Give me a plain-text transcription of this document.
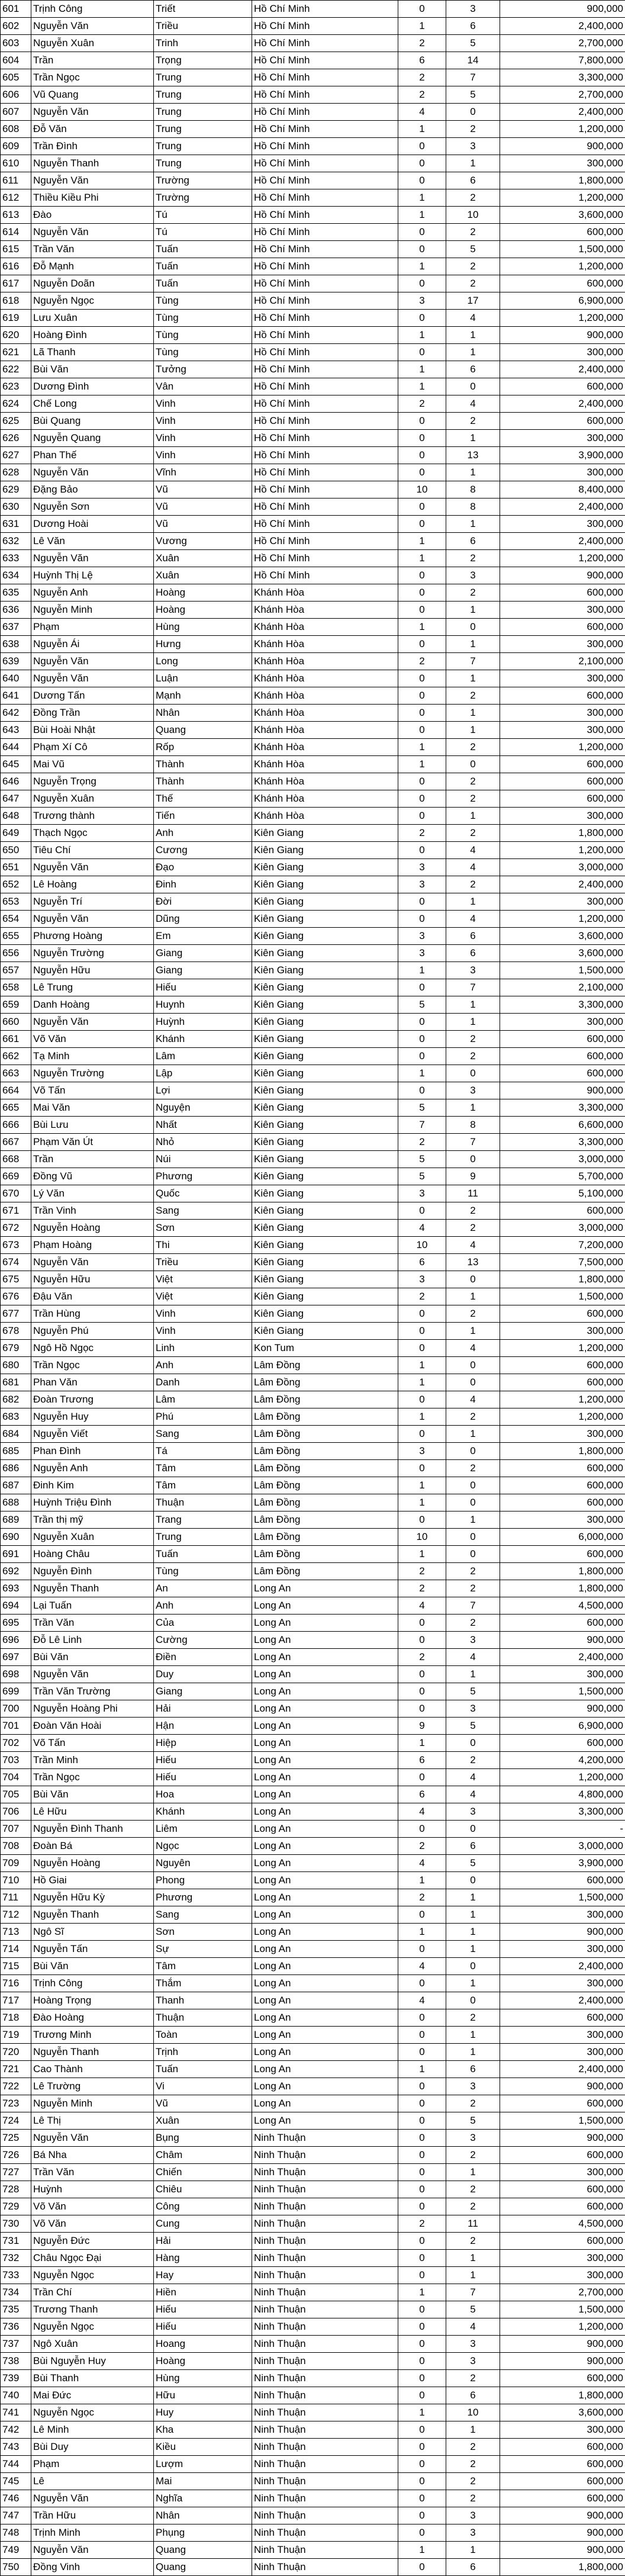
601	Trịnh Công	Triết	Hồ Chí Minh	0	3	900,000
602	Nguyễn Văn	Triều	Hồ Chí Minh	1	6	2,400,000
603	Nguyễn Xuân	Trinh	Hồ Chí Minh	2	5	2,700,000
604	Trần	Trọng	Hồ Chí Minh	6	14	7,800,000
605	Trần Ngọc	Trung	Hồ Chí Minh	2	7	3,300,000
606	Vũ Quang	Trung	Hồ Chí Minh	2	5	2,700,000
607	Nguyễn Văn	Trung	Hồ Chí Minh	4	0	2,400,000
608	Đỗ Văn	Trung	Hồ Chí Minh	1	2	1,200,000
609	Trần Đình	Trung	Hồ Chí Minh	0	3	900,000
610	Nguyễn Thanh	Trung	Hồ Chí Minh	0	1	300,000
611	Nguyễn Văn	Trường	Hồ Chí Minh	0	6	1,800,000
612	Thiều Kiều Phi	Trường	Hồ Chí Minh	1	2	1,200,000
613	Đào	Tú	Hồ Chí Minh	1	10	3,600,000
614	Nguyễn Văn	Tú	Hồ Chí Minh	0	2	600,000
615	Trần Văn	Tuấn	Hồ Chí Minh	0	5	1,500,000
616	Đỗ Mạnh	Tuấn	Hồ Chí Minh	1	2	1,200,000
617	Nguyễn Doãn	Tuấn	Hồ Chí Minh	0	2	600,000
618	Nguyễn Ngọc	Tùng	Hồ Chí Minh	3	17	6,900,000
619	Lưu Xuân	Tùng	Hồ Chí Minh	0	4	1,200,000
620	Hoàng Đình	Tùng	Hồ Chí Minh	1	1	900,000
621	Lã Thanh	Tùng	Hồ Chí Minh	0	1	300,000
622	Bùi Văn	Tưởng	Hồ Chí Minh	1	6	2,400,000
623	Dương Đình	Vân	Hồ Chí Minh	1	0	600,000
624	Chế Long	Vinh	Hồ Chí Minh	2	4	2,400,000
625	Bùi Quang	Vinh	Hồ Chí Minh	0	2	600,000
626	Nguyễn Quang	Vinh	Hồ Chí Minh	0	1	300,000
627	Phan Thế	Vinh	Hồ Chí Minh	0	13	3,900,000
628	Nguyễn Văn	Vĩnh	Hồ Chí Minh	0	1	300,000
629	Đặng Bảo	Vũ	Hồ Chí Minh	10	8	8,400,000
630	Nguyễn Sơn	Vũ	Hồ Chí Minh	0	8	2,400,000
631	Dương Hoài	Vũ	Hồ Chí Minh	0	1	300,000
632	Lê Văn	Vương	Hồ Chí Minh	1	6	2,400,000
633	Nguyễn Văn	Xuân	Hồ Chí Minh	1	2	1,200,000
634	Huỳnh Thị Lệ	Xuân	Hồ Chí Minh	0	3	900,000
635	Nguyễn Anh	Hoàng	Khánh Hòa	0	2	600,000
636	Nguyễn Minh	Hoàng	Khánh Hòa	0	1	300,000
637	Phạm	Hùng	Khánh Hòa	1	0	600,000
638	Nguyễn Ái	Hưng	Khánh Hòa	0	1	300,000
639	Nguyễn Văn	Long	Khánh Hòa	2	7	2,100,000
640	Nguyễn Văn	Luận	Khánh Hòa	0	1	300,000
641	Dương Tấn	Mạnh	Khánh Hòa	0	2	600,000
642	Đồng Trần	Nhân	Khánh Hòa	0	1	300,000
643	Bùi Hoài Nhật	Quang	Khánh Hòa	0	1	300,000
644	Phạm Xí Cô	Rốp	Khánh Hòa	1	2	1,200,000
645	Mai Vũ	Thành	Khánh Hòa	1	0	600,000
646	Nguyễn Trọng	Thành	Khánh Hòa	0	2	600,000
647	Nguyễn Xuân	Thế	Khánh Hòa	0	2	600,000
648	Trương thành	Tiến	Khánh Hòa	0	1	300,000
649	Thạch Ngọc	Anh	Kiên Giang	2	2	1,800,000
650	Tiêu Chí	Cương	Kiên Giang	0	4	1,200,000
651	Nguyễn Văn	Đạo	Kiên Giang	3	4	3,000,000
652	Lê Hoàng	Đinh	Kiên Giang	3	2	2,400,000
653	Nguyễn Trí	Đời	Kiên Giang	0	1	300,000
654	Nguyễn Văn	Dũng	Kiên Giang	0	4	1,200,000
655	Phương Hoàng	Em	Kiên Giang	3	6	3,600,000
656	Nguyễn Trường	Giang	Kiên Giang	3	6	3,600,000
657	Nguyễn Hữu	Giang	Kiên Giang	1	3	1,500,000
658	Lê Trung	Hiếu	Kiên Giang	0	7	2,100,000
659	Danh Hoàng	Huynh	Kiên Giang	5	1	3,300,000
660	Nguyễn Văn	Huỳnh	Kiên Giang	0	1	300,000
661	Võ Văn	Khánh	Kiên Giang	0	2	600,000
662	Tạ Minh	Lâm	Kiên Giang	0	2	600,000
663	Nguyễn Trường	Lập	Kiên Giang	1	0	600,000
664	Võ Tấn	Lợi	Kiên Giang	0	3	900,000
665	Mai Văn	Nguyện	Kiên Giang	5	1	3,300,000
666	Bùi Lưu	Nhất	Kiên Giang	7	8	6,600,000
667	Phạm Văn Út	Nhỏ	Kiên Giang	2	7	3,300,000
668	Trần	Núi	Kiên Giang	5	0	3,000,000
669	Đồng Vũ	Phương	Kiên Giang	5	9	5,700,000
670	Lý Văn	Quốc	Kiên Giang	3	11	5,100,000
671	Trần Vinh	Sang	Kiên Giang	0	2	600,000
672	Nguyễn Hoàng	Sơn	Kiên Giang	4	2	3,000,000
673	Phạm Hoàng	Thi	Kiên Giang	10	4	7,200,000
674	Nguyễn Văn	Triều	Kiên Giang	6	13	7,500,000
675	Nguyễn Hữu	Việt	Kiên Giang	3	0	1,800,000
676	Đậu Văn	Việt	Kiên Giang	2	1	1,500,000
677	Trần Hùng	Vinh	Kiên Giang	0	2	600,000
678	Nguyễn Phú	Vinh	Kiên Giang	0	1	300,000
679	Ngô Hồ Ngọc	Linh	Kon Tum	0	4	1,200,000
680	Trần Ngọc	Anh	Lâm Đồng	1	0	600,000
681	Phan Văn	Danh	Lâm Đồng	1	0	600,000
682	Đoàn Trương	Lâm	Lâm Đồng	0	4	1,200,000
683	Nguyễn Huy	Phú	Lâm Đồng	1	2	1,200,000
684	Nguyễn Viết	Sang	Lâm Đồng	0	1	300,000
685	Phan Đình	Tá	Lâm Đồng	3	0	1,800,000
686	Nguyễn Anh	Tâm	Lâm Đồng	0	2	600,000
687	Đinh Kim	Tâm	Lâm Đồng	1	0	600,000
688	Huỳnh Triệu Đình	Thuận	Lâm Đồng	1	0	600,000
689	Trần thị mỹ	Trang	Lâm Đồng	0	1	300,000
690	Nguyễn Xuân	Trung	Lâm Đồng	10	0	6,000,000
691	Hoàng Châu	Tuấn	Lâm Đồng	1	0	600,000
692	Nguyễn Đình	Tùng	Lâm Đồng	2	2	1,800,000
693	Nguyễn Thanh	An	Long An	2	2	1,800,000
694	Lại Tuấn	Anh	Long An	4	7	4,500,000
695	Trần Văn	Của	Long An	0	2	600,000
696	Đỗ Lê Linh	Cường	Long An	0	3	900,000
697	Bùi Văn	Điền	Long An	2	4	2,400,000
698	Nguyễn Văn	Duy	Long An	0	1	300,000
699	Trần Văn Trường	Giang	Long An	0	5	1,500,000
700	Nguyễn Hoàng Phi	Hải	Long An	0	3	900,000
701	Đoàn Văn Hoài	Hận	Long An	9	5	6,900,000
702	Võ Tấn	Hiệp	Long An	1	0	600,000
703	Trần Minh	Hiếu	Long An	6	2	4,200,000
704	Trần Ngọc	Hiếu	Long An	0	4	1,200,000
705	Bùi Văn	Hoa	Long An	6	4	4,800,000
706	Lê Hữu	Khánh	Long An	4	3	3,300,000
707	Nguyễn Đình Thanh	Liêm	Long An	0	0	-
708	Đoàn Bá	Ngọc	Long An	2	6	3,000,000
709	Nguyễn Hoàng	Nguyên	Long An	4	5	3,900,000
710	Hồ Giai	Phong	Long An	1	0	600,000
711	Nguyễn Hữu Kỳ	Phương	Long An	2	1	1,500,000
712	Nguyễn Thanh	Sang	Long An	0	1	300,000
713	Ngô Sĩ	Sơn	Long An	1	1	900,000
714	Nguyễn Tấn	Sự	Long An	0	1	300,000
715	Bùi Văn	Tâm	Long An	4	0	2,400,000
716	Trịnh Công	Thắm	Long An	0	1	300,000
717	Hoàng Trọng	Thanh	Long An	4	0	2,400,000
718	Đào Hoàng	Thuận	Long An	0	2	600,000
719	Trương Minh	Toàn	Long An	0	1	300,000
720	Nguyễn Thanh	Trịnh	Long An	0	1	300,000
721	Cao Thành	Tuấn	Long An	1	6	2,400,000
722	Lê Trường	Vi	Long An	0	3	900,000
723	Nguyễn Minh	Vũ	Long An	0	2	600,000
724	Lê Thị	Xuân	Long An	0	5	1,500,000
725	Nguyễn Văn	Bụng	Ninh Thuận	0	3	900,000
726	Bá Nha	Châm	Ninh Thuận	0	2	600,000
727	Trần Văn	Chiến	Ninh Thuận	0	1	300,000
728	Huỳnh	Chiêu	Ninh Thuận	0	2	600,000
729	Võ Văn	Công	Ninh Thuận	0	2	600,000
730	Võ Văn	Cung	Ninh Thuận	2	11	4,500,000
731	Nguyễn Đức	Hải	Ninh Thuận	0	2	600,000
732	Châu Ngọc Đại	Hàng	Ninh Thuận	0	1	300,000
733	Nguyễn Ngọc	Hay	Ninh Thuận	0	1	300,000
734	Trần Chí	Hiền	Ninh Thuận	1	7	2,700,000
735	Trương Thanh	Hiếu	Ninh Thuận	0	5	1,500,000
736	Nguyễn Ngọc	Hiếu	Ninh Thuận	0	4	1,200,000
737	Ngô Xuân	Hoang	Ninh Thuận	0	3	900,000
738	Bùi Nguyễn Huy	Hoàng	Ninh Thuận	0	3	900,000
739	Bùi Thanh	Hùng	Ninh Thuận	0	2	600,000
740	Mai Đức	Hữu	Ninh Thuận	0	6	1,800,000
741	Nguyễn Ngọc	Huy	Ninh Thuận	1	10	3,600,000
742	Lê Minh	Kha	Ninh Thuận	0	1	300,000
743	Bùi Duy	Kiều	Ninh Thuận	0	2	600,000
744	Phạm	Lượm	Ninh Thuận	0	2	600,000
745	Lê	Mai	Ninh Thuận	0	2	600,000
746	Nguyễn Văn	Nghĩa	Ninh Thuận	0	2	600,000
747	Trần Hữu	Nhân	Ninh Thuận	0	3	900,000
748	Trịnh Minh	Phụng	Ninh Thuận	0	3	900,000
749	Nguyễn Văn	Quang	Ninh Thuận	1	1	900,000
750	Đồng Vinh	Quang	Ninh Thuận	0	6	1,800,000
